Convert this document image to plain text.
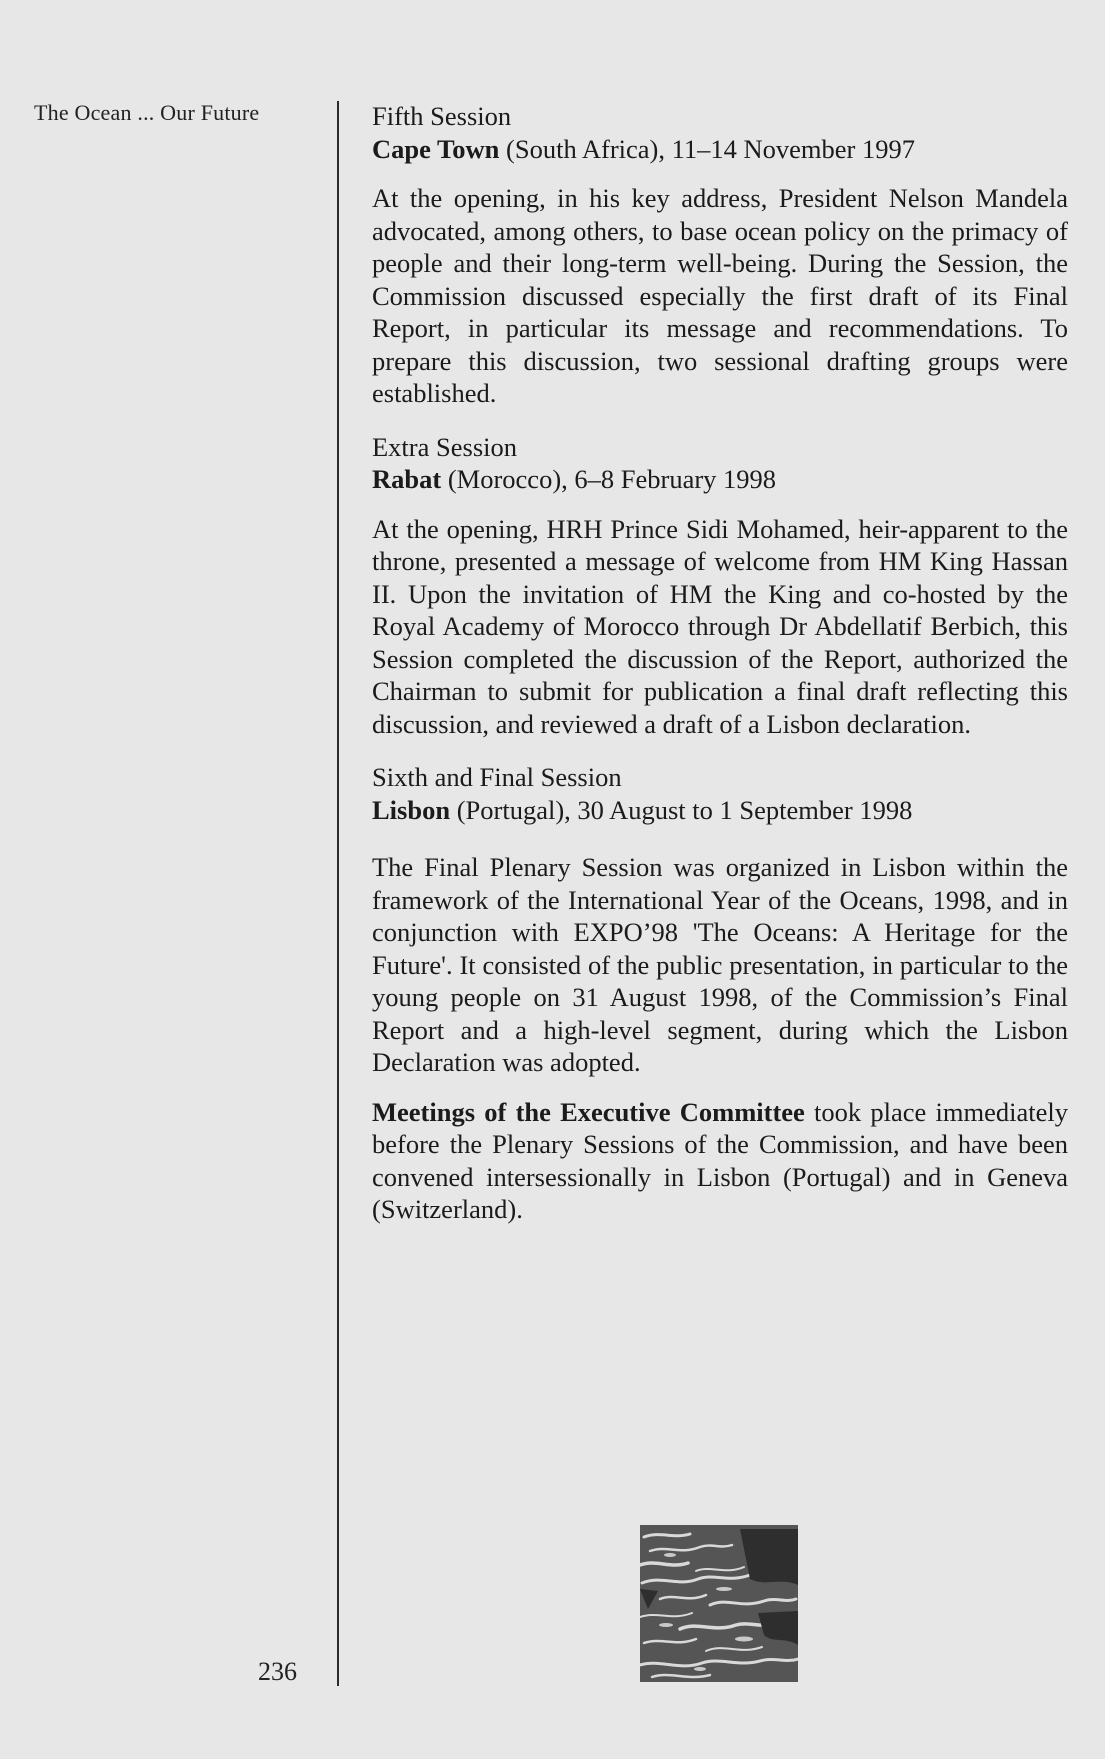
The Ocean ... Our Future	Fifth Session

Cape Town (South Africa), 11–14 November 1997

At the opening, in his key address, President Nelson Mandela advocated, among others, to base ocean policy on the primacy of people and their long-term well-being. During the Session, the Commission discussed especially the first draft of its Final Report, in particular its message and recommendations. To prepare this discussion, two sessional drafting groups were established.

Extra Session

Rabat (Morocco), 6–8 February 1998

At the opening, HRH Prince Sidi Mohamed, heir-apparent to the throne, presented a message of welcome from HM King Hassan II. Upon the invitation of HM the King and co-hosted by the Royal Academy of Morocco through Dr Abdellatif Berbich, this Session completed the discussion of the Report, authorized the Chairman to submit for publication a final draft reflecting this discussion, and reviewed a draft of a Lisbon declaration.

Sixth and Final Session

Lisbon (Portugal), 30 August to 1 September 1998

The Final Plenary Session was organized in Lisbon within the framework of the International Year of the Oceans, 1998, and in conjunction with EXPO’98 'The Oceans: A Heritage for the Future'. It consisted of the public presentation, in particular to the young people on 31 August 1998, of the Commission’s Final Report and a high-level segment, during which the Lisbon Declaration was adopted.

Meetings of the Executive Committee took place immediately before the Plenary Sessions of the Commission, and have been convened intersessionally in Lisbon (Portugal) and in Geneva (Switzerland).

236
